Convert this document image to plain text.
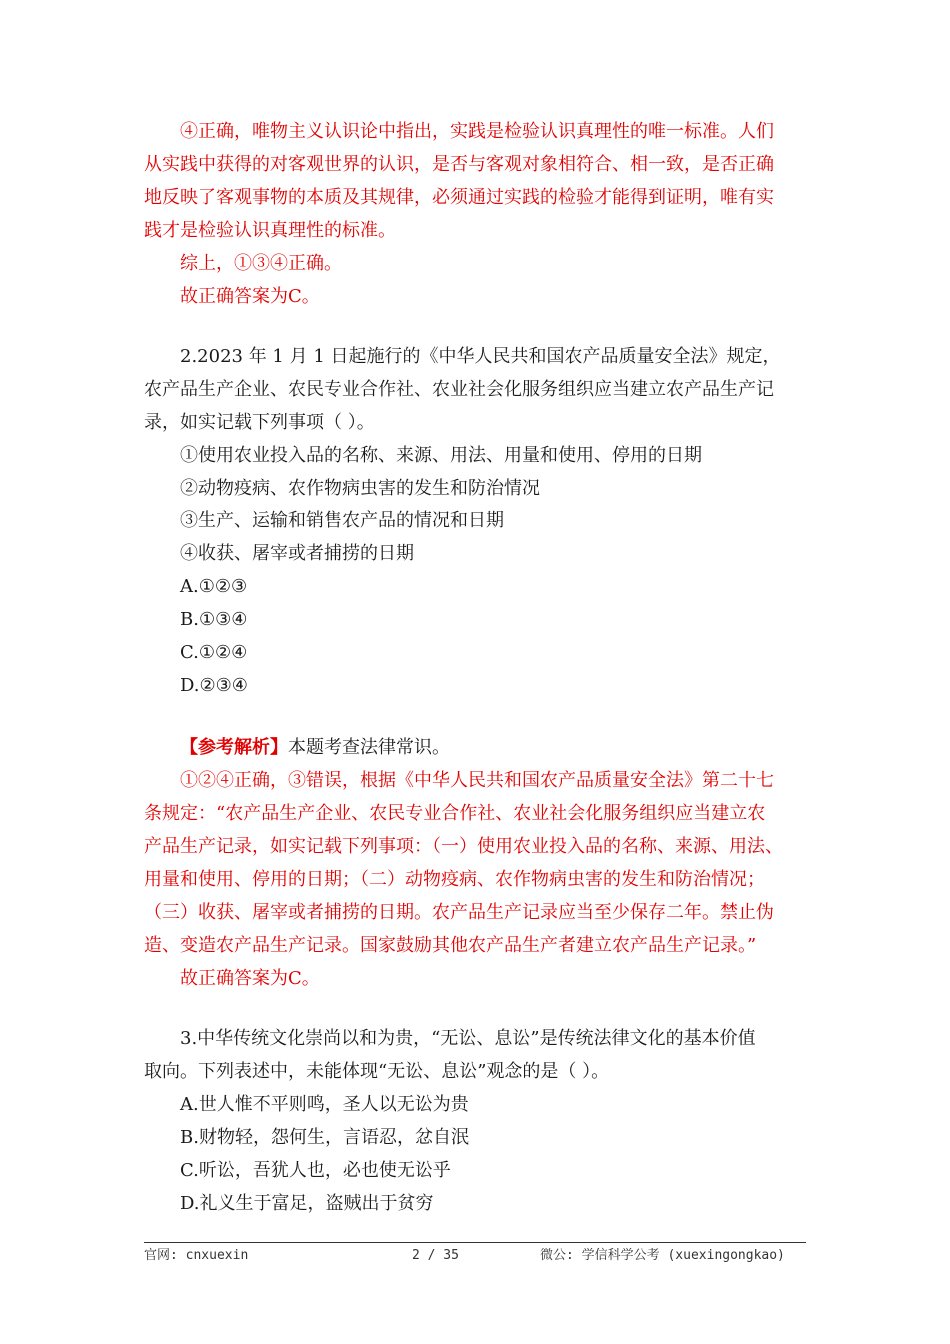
④正确，唯物主义认识论中指出，实践是检验认识真理性的唯一标准。人们
从实践中获得的对客观世界的认识，是否与客观对象相符合、相一致，是否正确
地反映了客观事物的本质及其规律，必须通过实践的检验才能得到证明，唯有实
践才是检验认识真理性的标准。
综上，①③④正确。
故正确答案为C。
2.2023 年 1 月 1 日起施行的《中华人民共和国农产品质量安全法》规定，
农产品生产企业、农民专业合作社、农业社会化服务组织应当建立农产品生产记
录，如实记载下列事项（ ）。
①使用农业投入品的名称、来源、用法、用量和使用、停用的日期
②动物疫病、农作物病虫害的发生和防治情况
③生产、运输和销售农产品的情况和日期
④收获、屠宰或者捕捞的日期
A.①②③
B.①③④
C.①②④
D.②③④
【参考解析】本题考查法律常识。
①②④正确，③错误，根据《中华人民共和国农产品质量安全法》第二十七
条规定：“农产品生产企业、农民专业合作社、农业社会化服务组织应当建立农
产品生产记录，如实记载下列事项：（一）使用农业投入品的名称、来源、用法、
用量和使用、停用的日期；（二）动物疫病、农作物病虫害的发生和防治情况；
（三）收获、屠宰或者捕捞的日期。农产品生产记录应当至少保存二年。禁止伪
造、变造农产品生产记录。国家鼓励其他农产品生产者建立农产品生产记录。”
故正确答案为C。
3.中华传统文化崇尚以和为贵，“无讼、息讼”是传统法律文化的基本价值
取向。下列表述中，未能体现“无讼、息讼”观念的是（ ）。
A.世人惟不平则鸣，圣人以无讼为贵
B.财物轻，怨何生，言语忍，忿自泯
C.听讼，吾犹人也，必也使无讼乎
D.礼义生于富足，盗贼出于贫穷
官网: cnxuexin	2 / 35	微公: 学信科学公考 (xuexingongkao)
